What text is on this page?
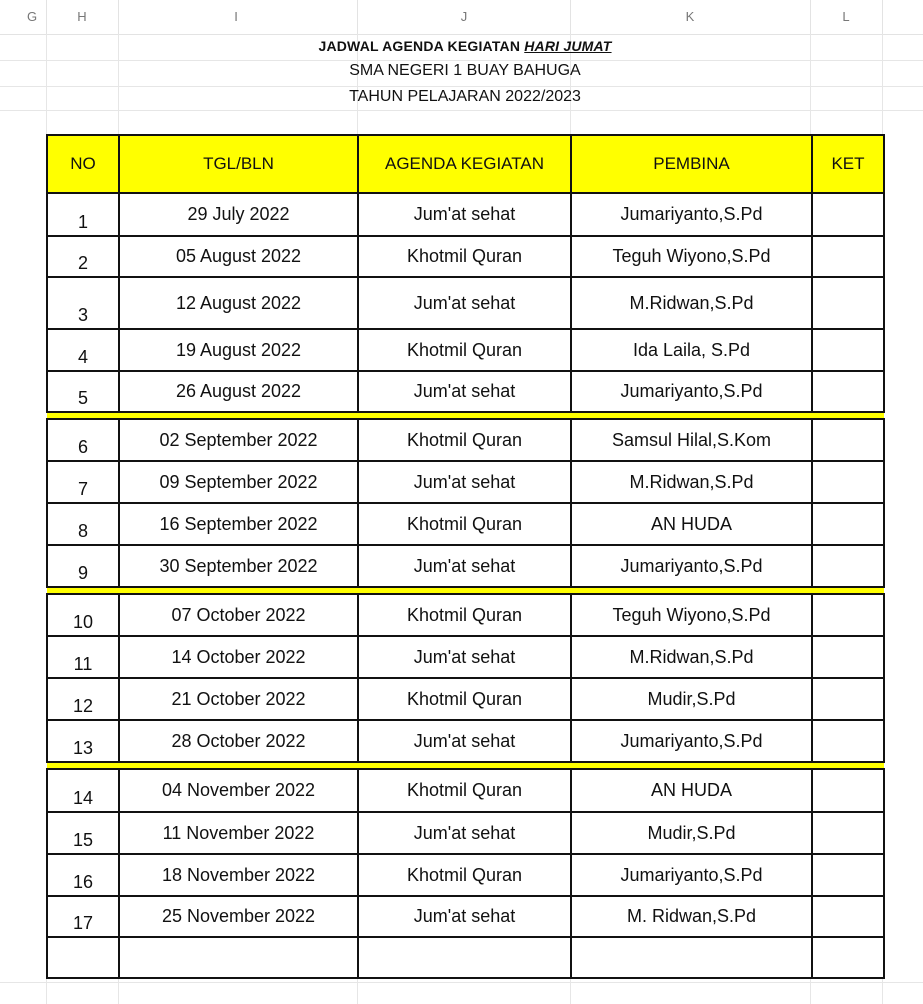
G	H	I	J	K	L
JADWAL AGENDA KEGIATAN HARI JUMAT
SMA NEGERI 1 BUAY BAHUGA
TAHUN PELAJARAN 2022/2023
NO	TGL/BLN	AGENDA KEGIATAN	PEMBINA	KET
1	29 July 2022	Jum'at sehat	Jumariyanto,S.Pd	
2	05 August 2022	Khotmil Quran	Teguh Wiyono,S.Pd	
3	12 August 2022	Jum'at sehat	M.Ridwan,S.Pd	
4	19 August 2022	Khotmil Quran	Ida Laila, S.Pd	
5	26 August 2022	Jum'at sehat	Jumariyanto,S.Pd	

6	02 September 2022	Khotmil Quran	Samsul Hilal,S.Kom	
7	09 September 2022	Jum'at sehat	M.Ridwan,S.Pd	
8	16 September 2022	Khotmil Quran	AN HUDA	
9	30 September 2022	Jum'at sehat	Jumariyanto,S.Pd	

10	07 October 2022	Khotmil Quran	Teguh Wiyono,S.Pd	
11	14 October 2022	Jum'at sehat	M.Ridwan,S.Pd	
12	21 October 2022	Khotmil Quran	Mudir,S.Pd	
13	28 October 2022	Jum'at sehat	Jumariyanto,S.Pd	

14	04 November 2022	Khotmil Quran	AN HUDA	
15	11 November 2022	Jum'at sehat	Mudir,S.Pd	
16	18 November 2022	Khotmil Quran	Jumariyanto,S.Pd	
17	25 November 2022	Jum'at sehat	M. Ridwan,S.Pd	
